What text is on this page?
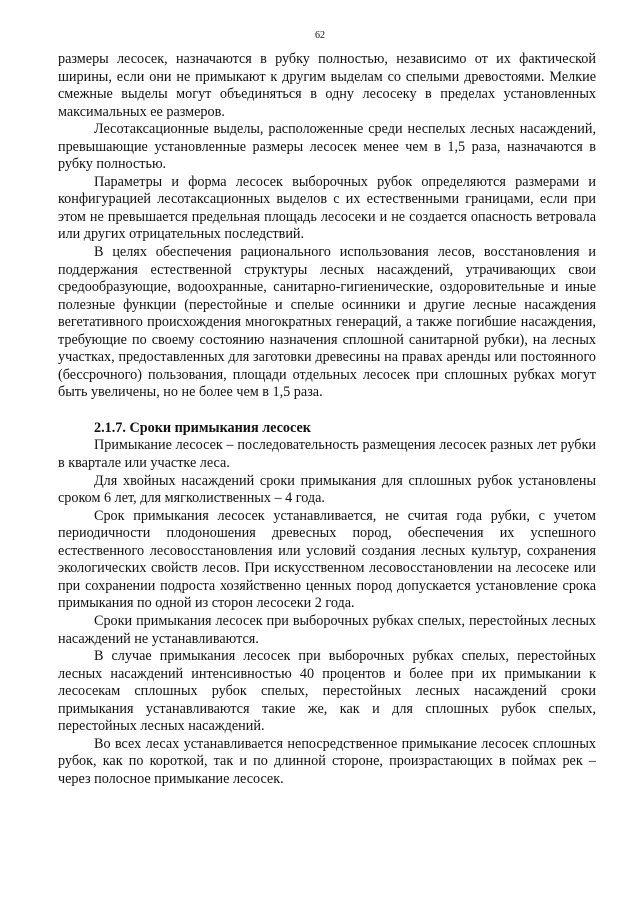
62

размеры лесосек, назначаются в рубку полностью, независимо от их фактической ширины, если они не примыкают к другим выделам со спелыми древостоями. Мелкие смежные выделы могут объединяться в одну лесосеку в пределах установленных максимальных ее размеров.

Лесотаксационные выделы, расположенные среди неспелых лесных насаждений, превышающие установленные размеры лесосек менее чем в 1,5 раза, назначаются в рубку полностью.

Параметры и форма лесосек выборочных рубок определяются размерами и конфигурацией лесотаксационных выделов с их естественными границами, если при этом не превышается предельная площадь лесосеки и не создается опасность ветровала или других отрицательных последствий.

В целях обеспечения рационального использования лесов, восстановления и поддержания естественной структуры лесных насаждений, утрачивающих свои средообразующие, водоохранные, санитарно-гигиенические, оздоровительные и иные полезные функции (перестойные и спелые осинники и другие лесные насаждения вегетативного происхождения многократных генераций, а также погибшие насаждения, требующие по своему состоянию назначения сплошной санитарной рубки), на лесных участках, предоставленных для заготовки древесины на правах аренды или постоянного (бессрочного) пользования, площади отдельных лесосек при сплошных рубках могут быть увеличены, но не более чем в 1,5 раза.

2.1.7. Сроки примыкания лесосек

Примыкание лесосек – последовательность размещения лесосек разных лет рубки в квартале или участке леса.

Для хвойных насаждений сроки примыкания для сплошных рубок установлены сроком 6 лет, для мягколиственных – 4 года.

Срок примыкания лесосек устанавливается, не считая года рубки, с учетом периодичности плодоношения древесных пород, обеспечения их успешного естественного лесовосстановления или условий создания лесных культур, сохранения экологических свойств лесов. При искусственном лесовосстановлении на лесосеке или при сохранении подроста хозяйственно ценных пород допускается установление срока примыкания по одной из сторон лесосеки 2 года.

Сроки примыкания лесосек при выборочных рубках спелых, перестойных лесных насаждений не устанавливаются.

В случае примыкания лесосек при выборочных рубках спелых, перестойных лесных насаждений интенсивностью 40 процентов и более при их примыкании к лесосекам сплошных рубок спелых, перестойных лесных насаждений сроки примыкания устанавливаются такие же, как и для сплошных рубок спелых, перестойных лесных насаждений.

Во всех лесах устанавливается непосредственное примыкание лесосек сплошных рубок, как по короткой, так и по длинной стороне, произрастающих в поймах рек – через полосное примыкание лесосек.
